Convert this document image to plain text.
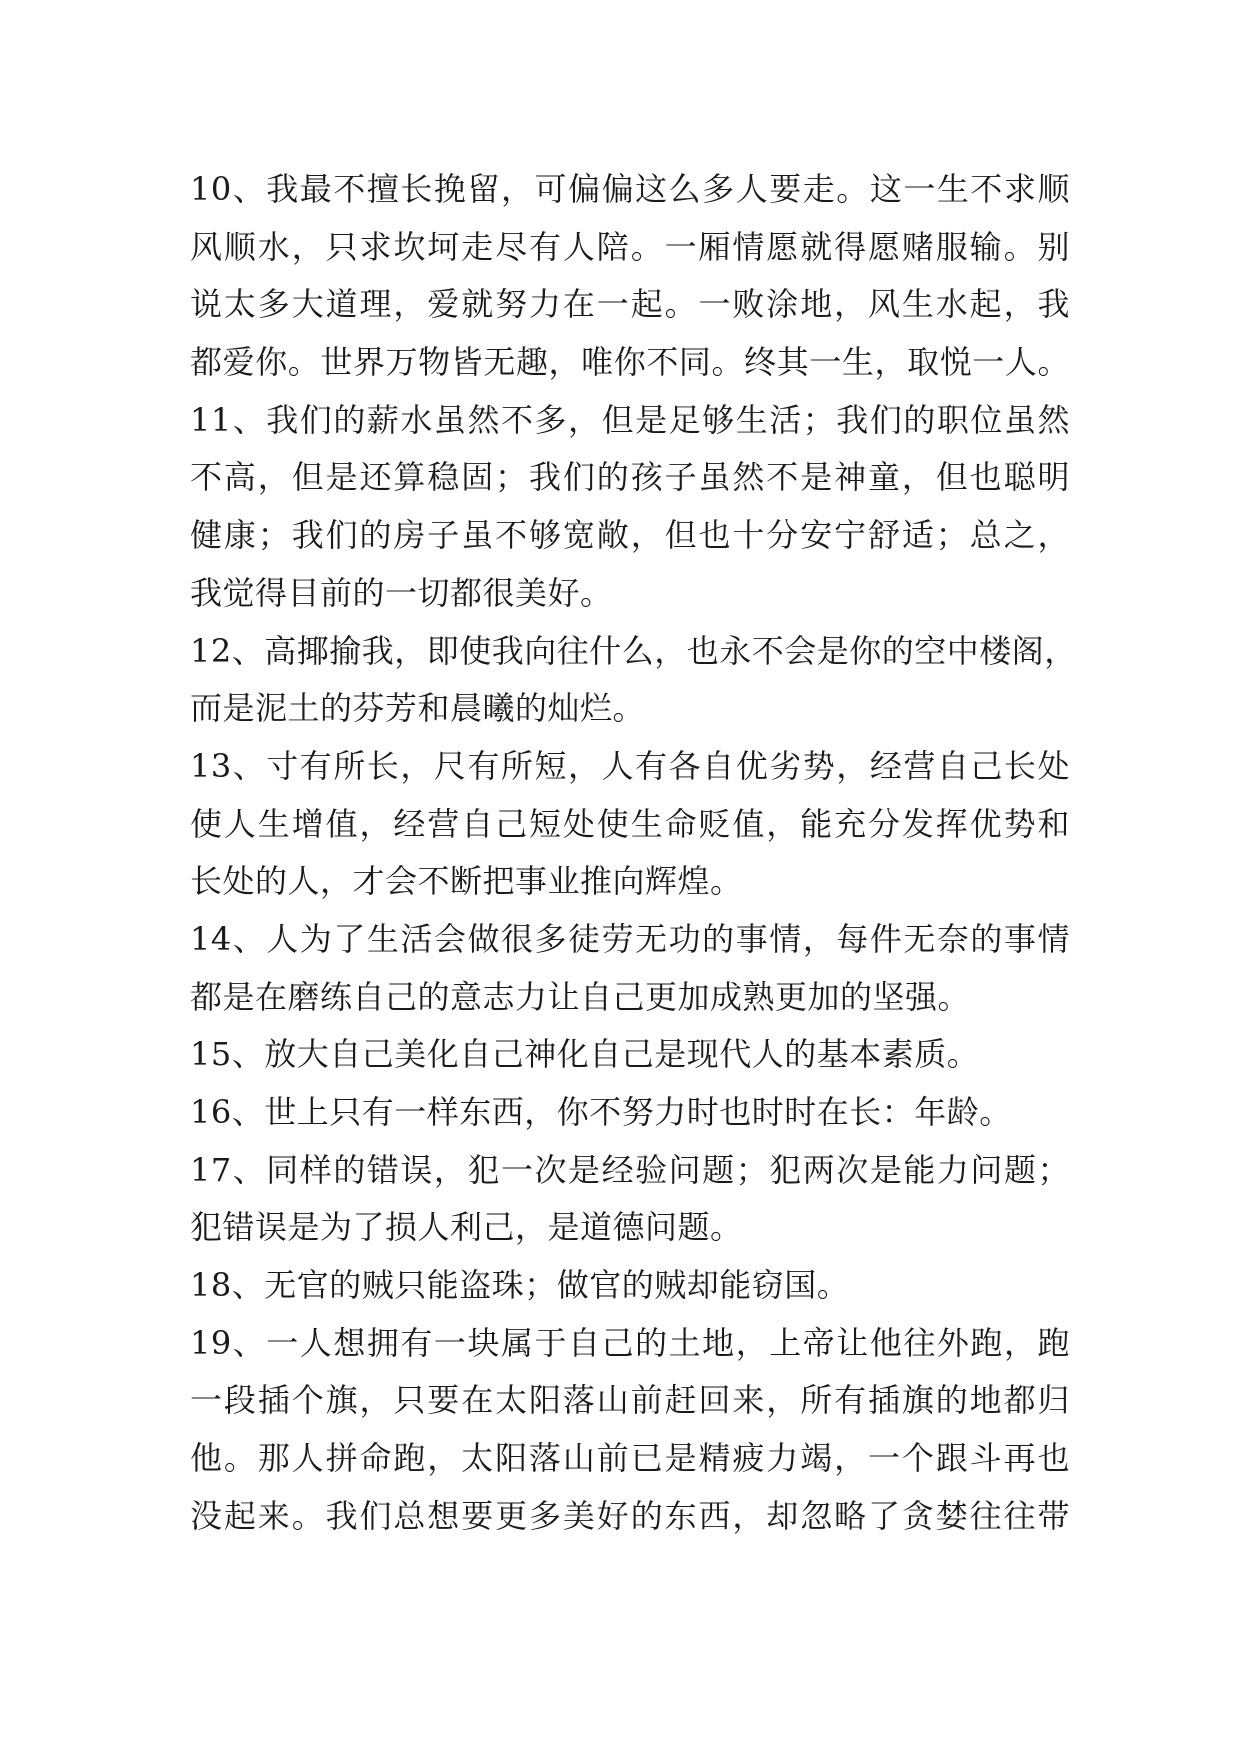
10、我最不擅长挽留，可偏偏这么多人要走。这一生不求顺
风顺水，只求坎坷走尽有人陪。一厢情愿就得愿赌服输。别
说太多大道理，爱就努力在一起。一败涂地，风生水起，我
都爱你。世界万物皆无趣，唯你不同。终其一生，取悦一人。
11、我们的薪水虽然不多，但是足够生活；我们的职位虽然
不高，但是还算稳固；我们的孩子虽然不是神童，但也聪明
健康；我们的房子虽不够宽敞，但也十分安宁舒适；总之，
我觉得目前的一切都很美好。
12、高揶揄我，即使我向往什么，也永不会是你的空中楼阁，
而是泥土的芬芳和晨曦的灿烂。
13、寸有所长，尺有所短，人有各自优劣势，经营自己长处
使人生增值，经营自己短处使生命贬值，能充分发挥优势和
长处的人，才会不断把事业推向辉煌。
14、人为了生活会做很多徒劳无功的事情，每件无奈的事情
都是在磨练自己的意志力让自己更加成熟更加的坚强。
15、放大自己美化自己神化自己是现代人的基本素质。
16、世上只有一样东西，你不努力时也时时在长：年龄。
17、同样的错误，犯一次是经验问题；犯两次是能力问题；
犯错误是为了损人利己，是道德问题。
18、无官的贼只能盗珠；做官的贼却能窃国。
19、一人想拥有一块属于自己的土地，上帝让他往外跑，跑
一段插个旗，只要在太阳落山前赶回来，所有插旗的地都归
他。那人拼命跑，太阳落山前已是精疲力竭，一个跟斗再也
没起来。我们总想要更多美好的东西，却忽略了贪婪往往带
